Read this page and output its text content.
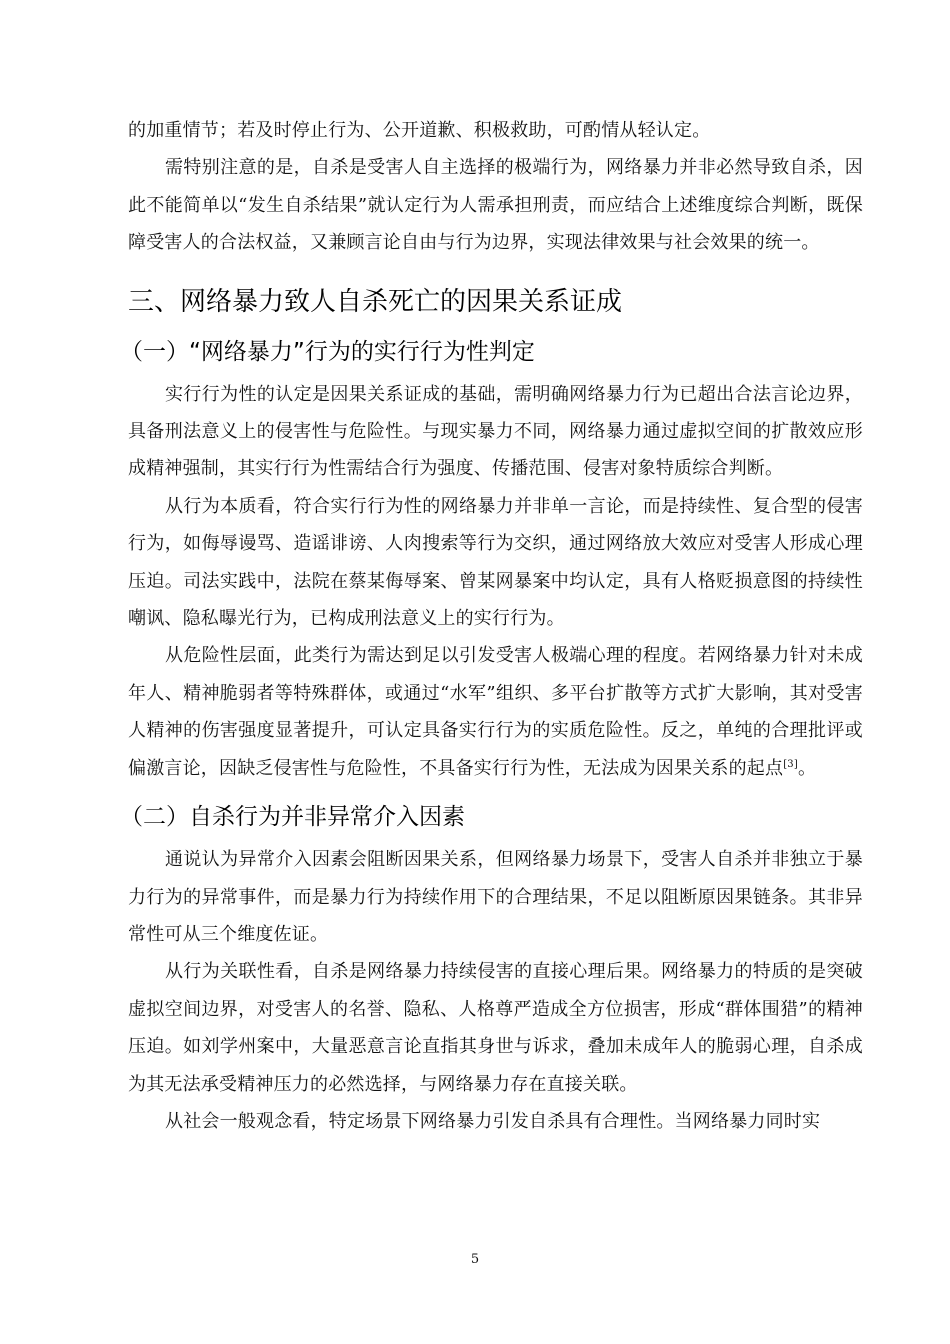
的加重情节；若及时停止行为、公开道歉、积极救助，可酌情从轻认定。

需特别注意的是，自杀是受害人自主选择的极端行为，网络暴力并非必然导致自杀，因此不能简单以“发生自杀结果”就认定行为人需承担刑责，而应结合上述维度综合判断，既保障受害人的合法权益，又兼顾言论自由与行为边界，实现法律效果与社会效果的统一。

三、网络暴力致人自杀死亡的因果关系证成
（一）“网络暴力”行为的实行行为性判定

实行行为性的认定是因果关系证成的基础，需明确网络暴力行为已超出合法言论边界，具备刑法意义上的侵害性与危险性。与现实暴力不同，网络暴力通过虚拟空间的扩散效应形成精神强制，其实行行为性需结合行为强度、传播范围、侵害对象特质综合判断。

从行为本质看，符合实行行为性的网络暴力并非单一言论，而是持续性、复合型的侵害行为，如侮辱谩骂、造谣诽谤、人肉搜索等行为交织，通过网络放大效应对受害人形成心理压迫。司法实践中，法院在蔡某侮辱案、曾某网暴案中均认定，具有人格贬损意图的持续性嘲讽、隐私曝光行为，已构成刑法意义上的实行行为。

从危险性层面，此类行为需达到足以引发受害人极端心理的程度。若网络暴力针对未成年人、精神脆弱者等特殊群体，或通过“水军”组织、多平台扩散等方式扩大影响，其对受害人精神的伤害强度显著提升，可认定具备实行行为的实质危险性。反之，单纯的合理批评或偏激言论，因缺乏侵害性与危险性，不具备实行行为性，无法成为因果关系的起点[3]。

（二）自杀行为并非异常介入因素

通说认为异常介入因素会阻断因果关系，但网络暴力场景下，受害人自杀并非独立于暴力行为的异常事件，而是暴力行为持续作用下的合理结果，不足以阻断原因果链条。其非异常性可从三个维度佐证。

从行为关联性看，自杀是网络暴力持续侵害的直接心理后果。网络暴力的特质的是突破虚拟空间边界，对受害人的名誉、隐私、人格尊严造成全方位损害，形成“群体围猎”的精神压迫。如刘学州案中，大量恶意言论直指其身世与诉求，叠加未成年人的脆弱心理，自杀成为其无法承受精神压力的必然选择，与网络暴力存在直接关联。

从社会一般观念看，特定场景下网络暴力引发自杀具有合理性。当网络暴力同时实

5
